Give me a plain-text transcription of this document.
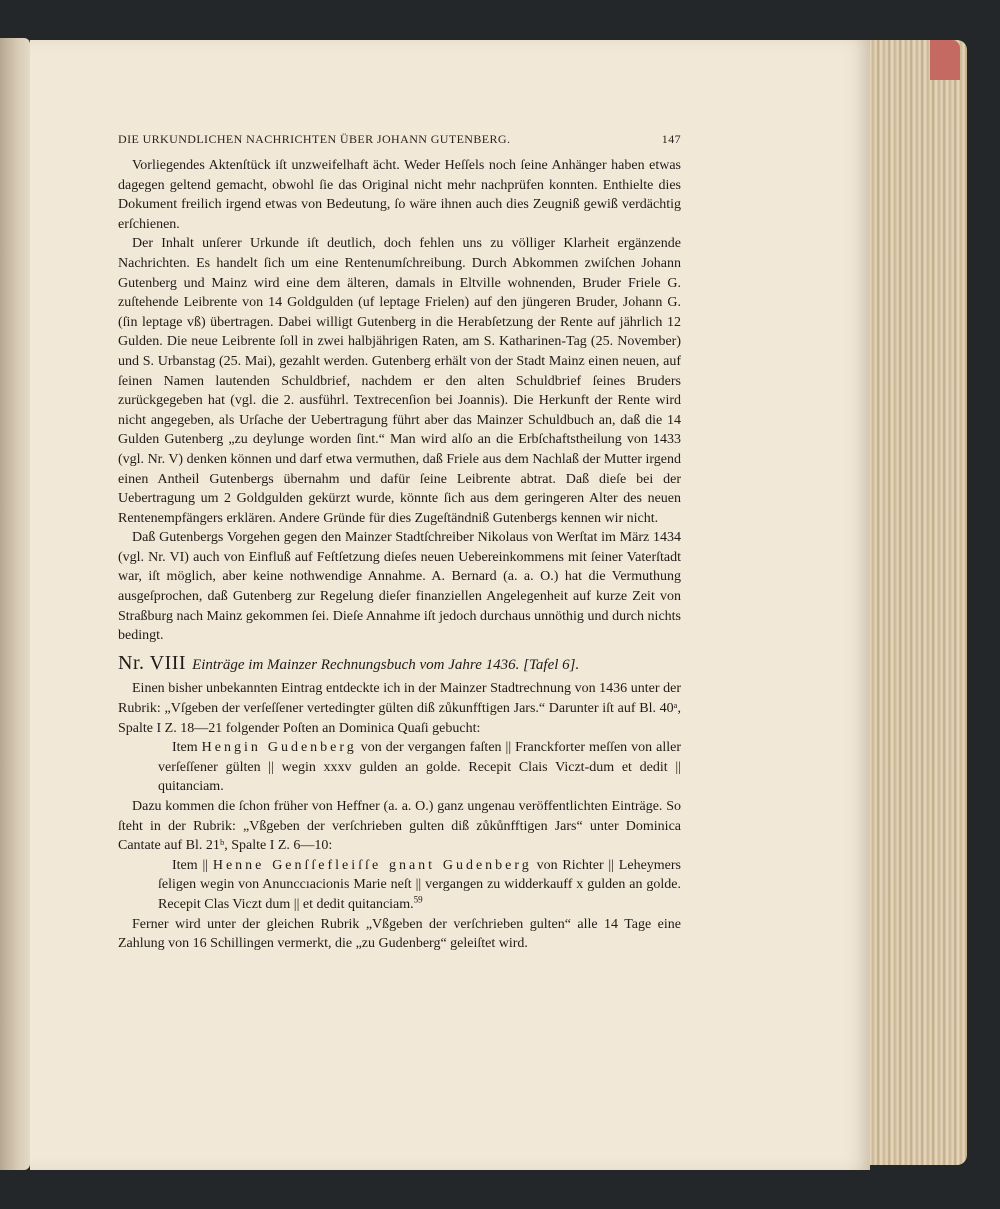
DIE URKUNDLICHEN NACHRICHTEN ÜBER JOHANN GUTENBERG.	147

Vorliegendes Aktenſtück iſt unzweifelhaft ächt. Weder Heſſels noch ſeine Anhänger haben etwas dagegen geltend gemacht, obwohl ſie das Original nicht mehr nachprüfen konnten. Enthielte dies Dokument freilich irgend etwas von Bedeutung, ſo wäre ihnen auch dies Zeugniß gewiß verdächtig erſchienen.

Der Inhalt unſerer Urkunde iſt deutlich, doch fehlen uns zu völliger Klarheit ergänzende Nachrichten. Es handelt ſich um eine Rentenumſchreibung. Durch Abkommen zwiſchen Johann Gutenberg und Mainz wird eine dem älteren, damals in Eltville wohnenden, Bruder Friele G. zuſtehende Leibrente von 14 Goldgulden (uf leptage Frielen) auf den jüngeren Bruder, Johann G. (ſin leptage vß) übertragen. Dabei willigt Gutenberg in die Herabſetzung der Rente auf jährlich 12 Gulden. Die neue Leibrente ſoll in zwei halbjährigen Raten, am S. Katharinen-Tag (25. November) und S. Urbanstag (25. Mai), gezahlt werden. Gutenberg erhält von der Stadt Mainz einen neuen, auf ſeinen Namen lautenden Schuldbrief, nachdem er den alten Schuldbrief ſeines Bruders zurückgegeben hat (vgl. die 2. ausführl. Textrecenſion bei Joannis). Die Herkunft der Rente wird nicht angegeben, als Urſache der Uebertragung führt aber das Mainzer Schuldbuch an, daß die 14 Gulden Gutenberg „zu deylunge worden ſint.“ Man wird alſo an die Erbſchaftstheilung von 1433 (vgl. Nr. V) denken können und darf etwa vermuthen, daß Friele aus dem Nachlaß der Mutter irgend einen Antheil Gutenbergs übernahm und dafür ſeine Leibrente abtrat. Daß dieſe bei der Uebertragung um 2 Goldgulden gekürzt wurde, könnte ſich aus dem geringeren Alter des neuen Rentenempfängers erklären. Andere Gründe für dies Zugeſtändniß Gutenbergs kennen wir nicht.

Daß Gutenbergs Vorgehen gegen den Mainzer Stadtſchreiber Nikolaus von Werſtat im März 1434 (vgl. Nr. VI) auch von Einfluß auf Feſtſetzung dieſes neuen Uebereinkommens mit ſeiner Vaterſtadt war, iſt möglich, aber keine nothwendige Annahme. A. Bernard (a. a. O.) hat die Vermuthung ausgeſprochen, daß Gutenberg zur Regelung dieſer finanziellen Angelegenheit auf kurze Zeit von Straßburg nach Mainz gekommen ſei. Dieſe Annahme iſt jedoch durchaus unnöthig und durch nichts bedingt.

Nr. VIII Einträge im Mainzer Rechnungsbuch vom Jahre 1436. [Tafel 6].

Einen bisher unbekannten Eintrag entdeckte ich in der Mainzer Stadtrechnung von 1436 unter der Rubrik: „Vſgeben der verſeſſener vertedingter gülten diß zůkunfftigen Jars.“ Darunter iſt auf Bl. 40ᵃ, Spalte I Z. 18—21 folgender Poſten an Dominica Quaſi gebucht:

Item Hengin Gudenberg von der vergangen faſten || Franckforter meſſen von aller verſeſſener gülten || wegin xxxv gulden an golde. Recepit Clais Viczt-dum et dedit || quitanciam.

Dazu kommen die ſchon früher von Heffner (a. a. O.) ganz ungenau veröffentlichten Einträge. So ſteht in der Rubrik: „Vßgeben der verſchrieben gulten diß zůkůnfftigen Jars“ unter Dominica Cantate auf Bl. 21ᵇ, Spalte I Z. 6—10:

Item || Henne Genſſefleiſſe gnant Gudenberg von Richter || Leheymers ſeligen wegin von Anunccıacionis Marie neſt || vergangen zu widderkauff x gulden an golde. Recepit Clas Viczt dum || et dedit quitanciam.$^{59}$

Ferner wird unter der gleichen Rubrik „Vßgeben der verſchrieben gulten“ alle 14 Tage eine Zahlung von 16 Schillingen vermerkt, die „zu Gudenberg“ geleiſtet wird.
